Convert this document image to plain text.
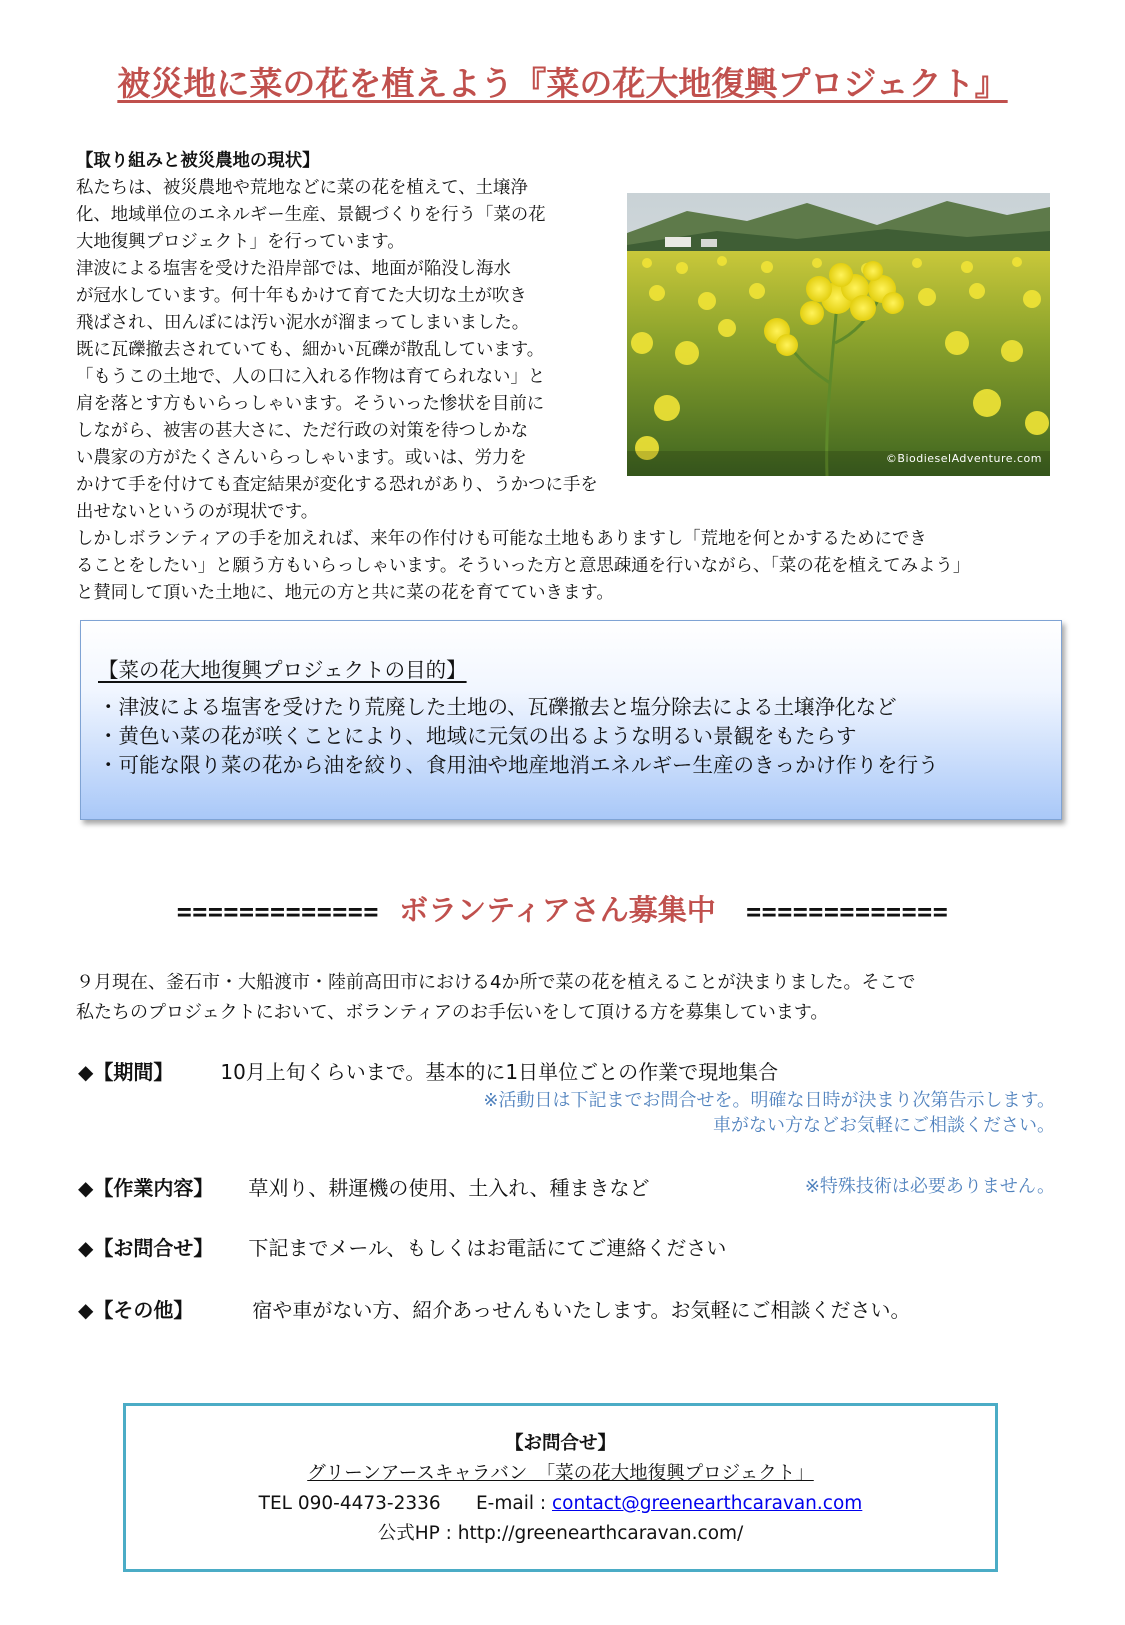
被災地に菜の花を植えよう『菜の花大地復興プロジェクト』
【取り組みと被災農地の現状】
©BiodieselAdventure.com
私たちは、被災農地や荒地などに菜の花を植えて、土壌浄
化、地域単位のエネルギー生産、景観づくりを行う「菜の花
大地復興プロジェクト」を行っています。
津波による塩害を受けた沿岸部では、地面が陥没し海水
が冠水しています。何十年もかけて育てた大切な土が吹き
飛ばされ、田んぼには汚い泥水が溜まってしまいました。
既に瓦礫撤去されていても、細かい瓦礫が散乱しています。
「もうこの土地で、人の口に入れる作物は育てられない」と
肩を落とす方もいらっしゃいます。そういった惨状を目前に
しながら、被害の甚大さに、ただ行政の対策を待つしかな
い農家の方がたくさんいらっしゃいます。或いは、労力を
かけて手を付けても査定結果が変化する恐れがあり、うかつに手を出せないというのが現状です。
しかしボランティアの手を加えれば、来年の作付けも可能な土地もありますし「荒地を何とかするためにでき
ることをしたい」と願う方もいらっしゃいます。そういった方と意思疎通を行いながら、「菜の花を植えてみよう」
と賛同して頂いた土地に、地元の方と共に菜の花を育てていきます。
【菜の花大地復興プロジェクトの目的】
・津波による塩害を受けたり荒廃した土地の、瓦礫撤去と塩分除去による土壌浄化など
・黄色い菜の花が咲くことにより、地域に元気の出るような明るい景観をもたらす
・可能な限り菜の花から油を絞り、食用油や地産地消エネルギー生産のきっかけ作りを行う
============= ボランティアさん募集中 =============
９月現在、釜石市・大船渡市・陸前高田市における4か所で菜の花を植えることが決まりました。そこで
私たちのプロジェクトにおいて、ボランティアのお手伝いをして頂ける方を募集しています。
◆【期間】 10月上旬くらいまで。基本的に1日単位ごとの作業で現地集合
※活動日は下記までお問合せを。明確な日時が決まり次第告示します。
車がない方などお気軽にご相談ください。
◆【作業内容】 草刈り、耕運機の使用、土入れ、種まきなど	※特殊技術は必要ありません。
◆【お問合せ】 下記までメール、もしくはお電話にてご連絡ください
◆【その他】	宿や車がない方、紹介あっせんもいたします。お気軽にご相談ください。
【お問合せ】
グリーンアースキャラバン　「菜の花大地復興プロジェクト」
TEL 090-4473-2336 E-mail : contact@greenearthcaravan.com
公式HP : http://greenearthcaravan.com/
